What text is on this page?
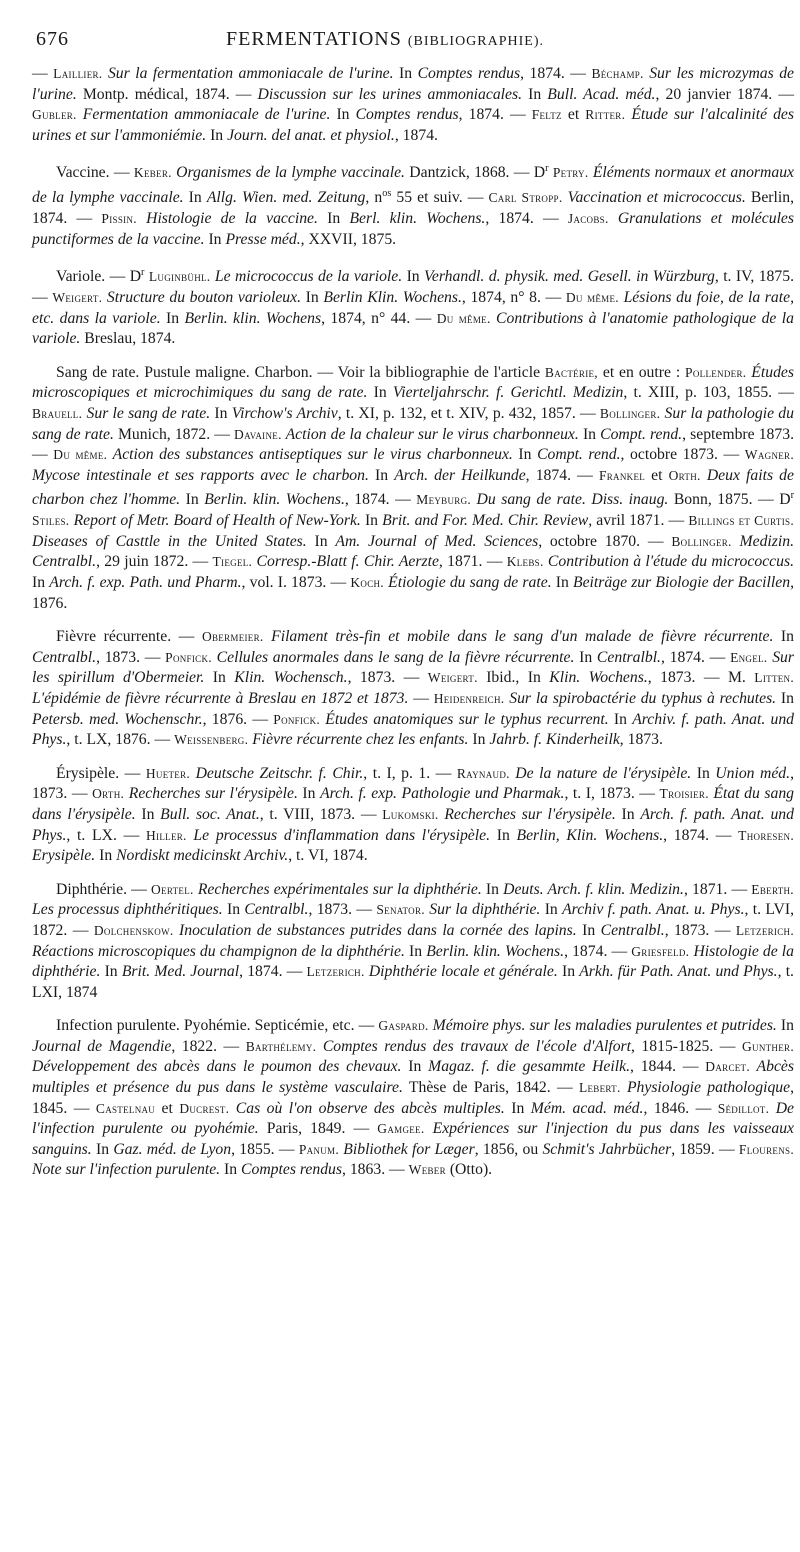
676	FERMENTATIONS (BIBLIOGRAPHIE).

— Laillier. Sur la fermentation ammoniacale de l'urine. In Comptes rendus, 1874. — Béchamp. Sur les microzymas de l'urine. Montp. médical, 1874. — Discussion sur les urines ammoniacales. In Bull. Acad. méd., 20 janvier 1874. — Gubler. Fermentation ammoniacale de l'urine. In Comptes rendus, 1874. — Feltz et Ritter. Étude sur l'alcalinité des urines et sur l'ammoniémie. In Journ. del anat. et physiol., 1874.

Vaccine. — Keber. Organismes de la lymphe vaccinale. Dantzick, 1868. — $D^r$ Petry. Éléments normaux et anormaux de la lymphe vaccinale. In Allg. Wien. med. Zeitung, $n^{os}$ 55 et suiv. — Carl Stropp. Vaccination et micrococcus. Berlin, 1874. — Pissin. Histologie de la vaccine. In Berl. klin. Wochens., 1874. — Jacobs. Granulations et molécules punctiformes de la vaccine. In Presse méd., XXVII, 1875.

Variole. — $D^r$ Luginbühl. Le micrococcus de la variole. In Verhandl. d. physik. med. Gesell. in Würzburg, t. IV, 1875. — Weigert. Structure du bouton varioleux. In Berlin Klin. Wochens., 1874, n° 8. — Du même. Lésions du foie, de la rate, etc. dans la variole. In Berlin. klin. Wochens, 1874, n° 44. — Du même. Contributions à l'anatomie pathologique de la variole. Breslau, 1874.

Sang de rate. Pustule maligne. Charbon. — Voir la bibliographie de l'article Bactérie, et en outre : Pollender. Études microscopiques et microchimiques du sang de rate. In Vierteljahrschr. f. Gerichtl. Medizin, t. XIII, p. 103, 1855. — Brauell. Sur le sang de rate. In Virchow's Archiv, t. XI, p. 132, et t. XIV, p. 432, 1857. — Bollinger. Sur la pathologie du sang de rate. Munich, 1872. — Davaine. Action de la chaleur sur le virus charbonneux. In Compt. rend., septembre 1873. — Du même. Action des substances antiseptiques sur le virus charbonneux. In Compt. rend., octobre 1873. — Wagner. Mycose intestinale et ses rapports avec le charbon. In Arch. der Heilkunde, 1874. — Frankel et Orth. Deux faits de charbon chez l'homme. In Berlin. klin. Wochens., 1874. — Meyburg. Du sang de rate. Diss. inaug. Bonn, 1875. — $D^r$ Stiles. Report of Metr. Board of Health of New-York. In Brit. and For. Med. Chir. Review, avril 1871. — Billings et Curtis. Diseases of Casttle in the United States. In Am. Journal of Med. Sciences, octobre 1870. — Bollinger. Medizin. Centralbl., 29 juin 1872. — Tiegel. Corresp.-Blatt f. Chir. Aerzte, 1871. — Klebs. Contribution à l'étude du micrococcus. In Arch. f. exp. Path. und Pharm., vol. I. 1873. — Koch. Étiologie du sang de rate. In Beiträge zur Biologie der Bacillen, 1876.

Fièvre récurrente. — Obermeier. Filament très-fin et mobile dans le sang d'un malade de fièvre récurrente. In Centralbl., 1873. — Ponfick. Cellules anormales dans le sang de la fièvre récurrente. In Centralbl., 1874. — Engel. Sur les spirillum d'Obermeier. In Klin. Wochensch., 1873. — Weigert. Ibid., In Klin. Wochens., 1873. — M. Litten. L'épidémie de fièvre récurrente à Breslau en 1872 et 1873. — Heidenreich. Sur la spirobactérie du typhus à rechutes. In Petersb. med. Wochenschr., 1876. — Ponfick. Études anatomiques sur le typhus recurrent. In Archiv. f. path. Anat. und Phys., t. LX, 1876. — Weissenberg. Fièvre récurrente chez les enfants. In Jahrb. f. Kinderheilk, 1873.

Érysipèle. — Hueter. Deutsche Zeitschr. f. Chir., t. I, p. 1. — Raynaud. De la nature de l'érysipèle. In Union méd., 1873. — Orth. Recherches sur l'érysipèle. In Arch. f. exp. Pathologie und Pharmak., t. I, 1873. — Troisier. État du sang dans l'érysipèle. In Bull. soc. Anat., t. VIII, 1873. — Lukomski. Recherches sur l'érysipèle. In Arch. f. path. Anat. und Phys., t. LX. — Hiller. Le processus d'inflammation dans l'érysipèle. In Berlin, Klin. Wochens., 1874. — Thoresen. Erysipèle. In Nordiskt medicinskt Archiv., t. VI, 1874.

Diphthérie. — Oertel. Recherches expérimentales sur la diphthérie. In Deuts. Arch. f. klin. Medizin., 1871. — Eberth. Les processus diphthéritiques. In Centralbl., 1873. — Senator. Sur la diphthérie. In Archiv f. path. Anat. u. Phys., t. LVI, 1872. — Dolchenskow. Inoculation de substances putrides dans la cornée des lapins. In Centralbl., 1873. — Letzerich. Réactions microscopiques du champignon de la diphthérie. In Berlin. klin. Wochens., 1874. — Griesfeld. Histologie de la diphthérie. In Brit. Med. Journal, 1874. — Letzerich. Diphthérie locale et générale. In Arkh. für Path. Anat. und Phys., t. LXI, 1874

Infection purulente. Pyohémie. Septicémie, etc. — Gaspard. Mémoire phys. sur les maladies purulentes et putrides. In Journal de Magendie, 1822. — Barthélemy. Comptes rendus des travaux de l'école d'Alfort, 1815-1825. — Gunther. Développement des abcès dans le poumon des chevaux. In Magaz. f. die gesammte Heilk., 1844. — Darcet. Abcès multiples et présence du pus dans le système vasculaire. Thèse de Paris, 1842. — Lebert. Physiologie pathologique, 1845. — Castelnau et Ducrest. Cas où l'on observe des abcès multiples. In Mém. acad. méd., 1846. — Sédillot. De l'infection purulente ou pyohémie. Paris, 1849. — Gamgee. Expériences sur l'injection du pus dans les vaisseaux sanguins. In Gaz. méd. de Lyon, 1855. — Panum. Bibliothek for Læger, 1856, ou Schmit's Jahrbücher, 1859. — Flourens. Note sur l'infection purulente. In Comptes rendus, 1863. — Weber (Otto).
